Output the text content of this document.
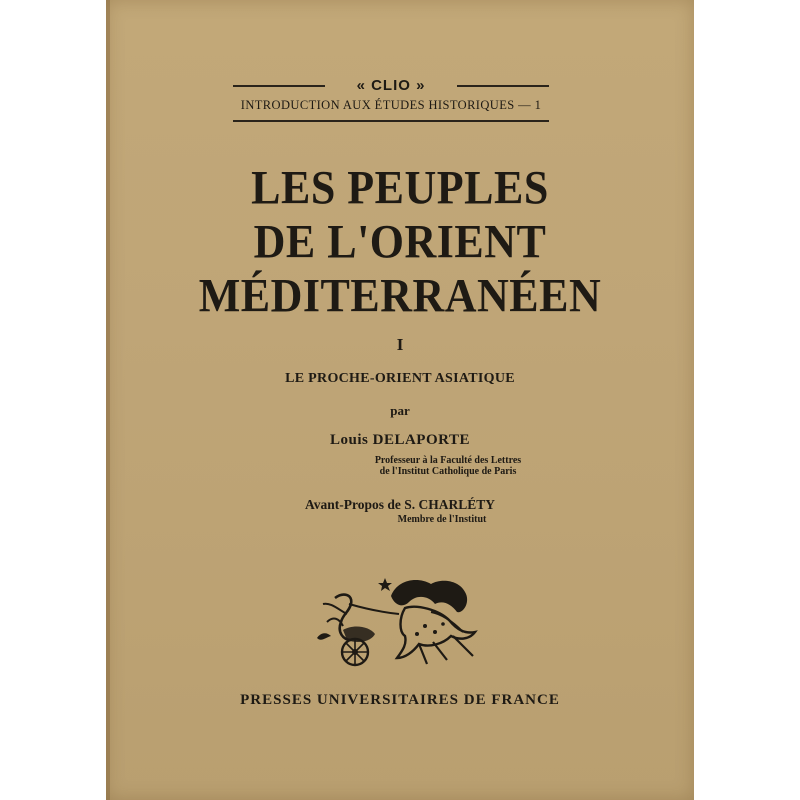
« CLIO »
INTRODUCTION AUX ÉTUDES HISTORIQUES — 1
LES PEUPLES
DE L'ORIENT
MÉDITERRANÉEN
I
LE PROCHE-ORIENT ASIATIQUE
par
Louis DELAPORTE
Professeur à la Faculté des Lettres
de l'Institut Catholique de Paris
Avant-Propos de S. CHARLÉTY
Membre de l'Institut
PRESSES UNIVERSITAIRES DE FRANCE
